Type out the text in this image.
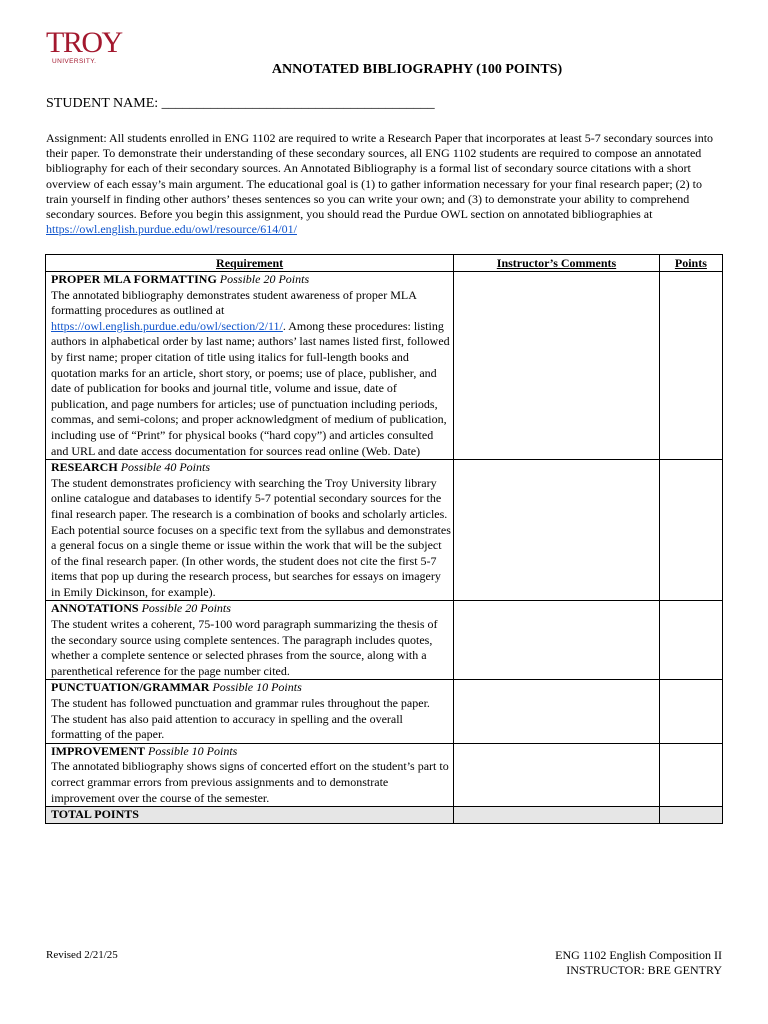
TROY
UNIVERSITY.
ANNOTATED BIBLIOGRAPHY (100 POINTS)
STUDENT NAME: _______________________________________
Assignment: All students enrolled in ENG 1102 are required to write a Research Paper that incorporates at least 5-7 secondary sources into their paper. To demonstrate their understanding of these secondary sources, all ENG 1102 students are required to compose an annotated bibliography for each of their secondary sources. An Annotated Bibliography is a formal list of secondary source citations with a short overview of each essay’s main argument. The educational goal is (1) to gather information necessary for your final research paper; (2) to train yourself in finding other authors’ theses sentences so you can write your own; and (3) to demonstrate your ability to comprehend secondary sources. Before you begin this assignment, you should read the Purdue OWL section on annotated bibliographies at https://owl.english.purdue.edu/owl/resource/614/01/
Requirement	Instructor’s Comments	Points
PROPER MLA FORMATTING Possible 20 Points
The annotated bibliography demonstrates student awareness of proper MLA formatting procedures as outlined at https://owl.english.purdue.edu/owl/section/2/11/. Among these procedures: listing authors in alphabetical order by last name; authors’ last names listed first, followed by first name; proper citation of title using italics for full-length books and quotation marks for an article, short story, or poems; use of place, publisher, and date of publication for books and journal title, volume and issue, date of publication, and page numbers for articles; use of punctuation including periods, commas, and semi-colons; and proper acknowledgment of medium of publication, including use of “Print” for physical books (“hard copy”) and articles consulted and URL and date access documentation for sources read online (Web. Date)		
RESEARCH Possible 40 Points
The student demonstrates proficiency with searching the Troy University library online catalogue and databases to identify 5-7 potential secondary sources for the final research paper. The research is a combination of books and scholarly articles. Each potential source focuses on a specific text from the syllabus and demonstrates a general focus on a single theme or issue within the work that will be the subject of the final research paper. (In other words, the student does not cite the first 5-7 items that pop up during the research process, but searches for essays on imagery in Emily Dickinson, for example).		
ANNOTATIONS Possible 20 Points
The student writes a coherent, 75-100 word paragraph summarizing the thesis of the secondary source using complete sentences. The paragraph includes quotes, whether a complete sentence or selected phrases from the source, along with a parenthetical reference for the page number cited.		
PUNCTUATION/GRAMMAR Possible 10 Points
The student has followed punctuation and grammar rules throughout the paper. The student has also paid attention to accuracy in spelling and the overall formatting of the paper.		
IMPROVEMENT Possible 10 Points
The annotated bibliography shows signs of concerted effort on the student’s part to correct grammar errors from previous assignments and to demonstrate improvement over the course of the semester.		
TOTAL POINTS		
Revised 2/21/25	ENG 1102 English Composition II
INSTRUCTOR: BRE GENTRY
